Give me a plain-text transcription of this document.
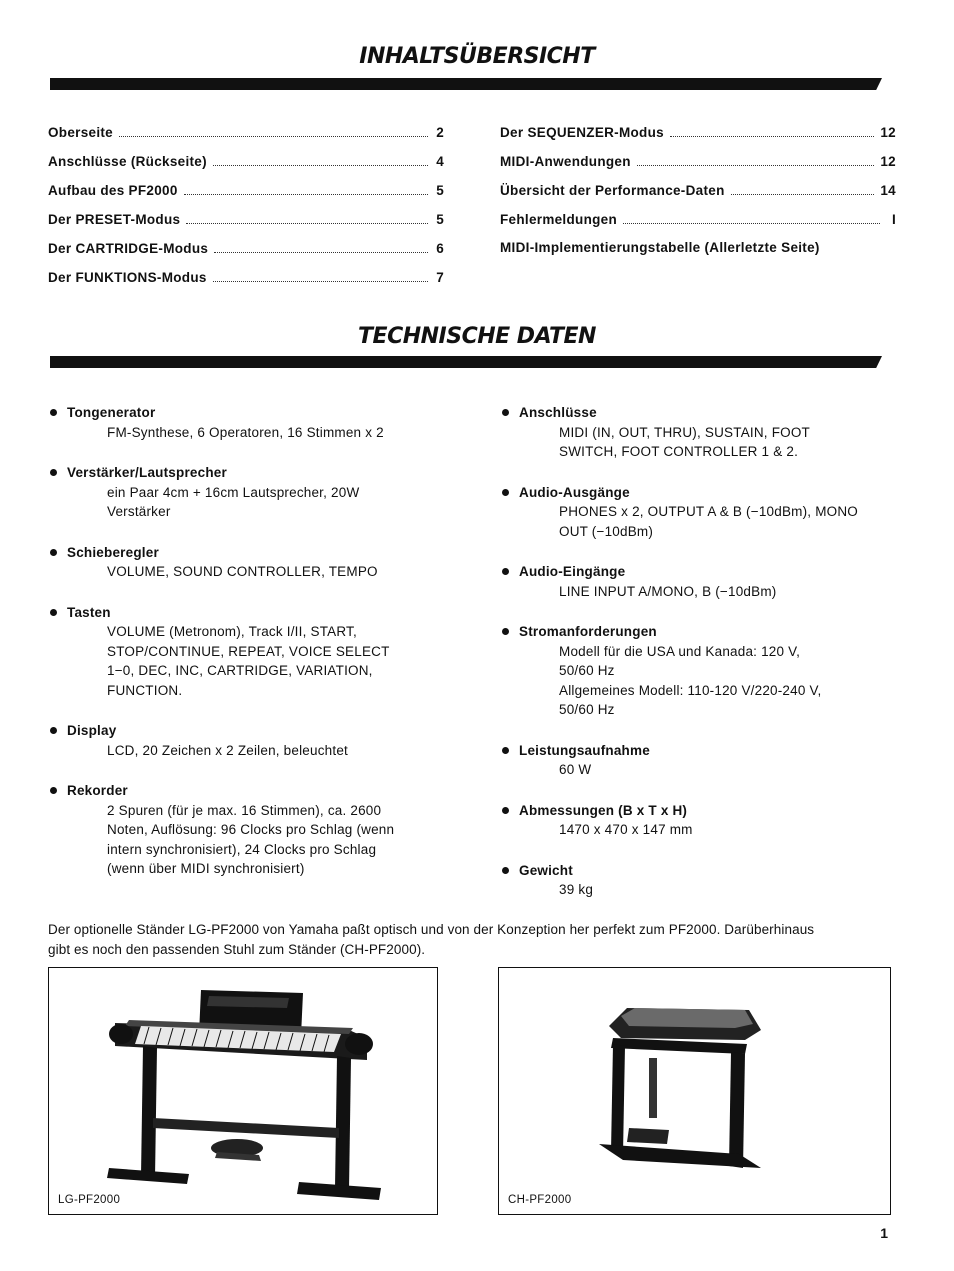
INHALTSÜBERSICHT
Oberseite	2
Anschlüsse (Rückseite)	4
Aufbau des PF2000	5
Der PRESET-Modus	5
Der CARTRIDGE-Modus	6
Der FUNKTIONS-Modus	7
Der SEQUENZER-Modus	12
MIDI-Anwendungen	12
Übersicht der Performance-Daten	14
Fehlermeldungen	I
MIDI-Implementierungstabelle (Allerletzte Seite)
TECHNISCHE DATEN
Tongenerator
FM-Synthese, 6 Operatoren, 16 Stimmen x 2
Verstärker/Lautsprecher
ein Paar 4cm + 16cm Lautsprecher, 20W
Verstärker
Schieberegler
VOLUME, SOUND CONTROLLER, TEMPO
Tasten
VOLUME (Metronom), Track I/II, START,
STOP/CONTINUE, REPEAT, VOICE SELECT
1−0, DEC, INC, CARTRIDGE, VARIATION,
FUNCTION.
Display
LCD, 20 Zeichen x 2 Zeilen, beleuchtet
Rekorder
2 Spuren (für je max. 16 Stimmen), ca. 2600
Noten, Auflösung: 96 Clocks pro Schlag (wenn
intern synchronisiert), 24 Clocks pro Schlag
(wenn über MIDI synchronisiert)
Anschlüsse
MIDI (IN, OUT, THRU), SUSTAIN, FOOT
SWITCH, FOOT CONTROLLER 1 & 2.
Audio-Ausgänge
PHONES x 2, OUTPUT A & B (−10dBm), MONO
OUT (−10dBm)
Audio-Eingänge
LINE INPUT A/MONO, B (−10dBm)
Stromanforderungen
Modell für die USA und Kanada: 120 V,
50/60 Hz
Allgemeines Modell: 110-120 V/220-240 V,
50/60 Hz
Leistungsaufnahme
60 W
Abmessungen (B x T x H)
1470 x 470 x 147 mm
Gewicht
39 kg
Der optionelle Ständer LG-PF2000 von Yamaha paßt optisch und von der Konzeption her perfekt zum PF2000. Darüberhinaus
gibt es noch den passenden Stuhl zum Ständer (CH-PF2000).
LG-PF2000	CH-PF2000
1
